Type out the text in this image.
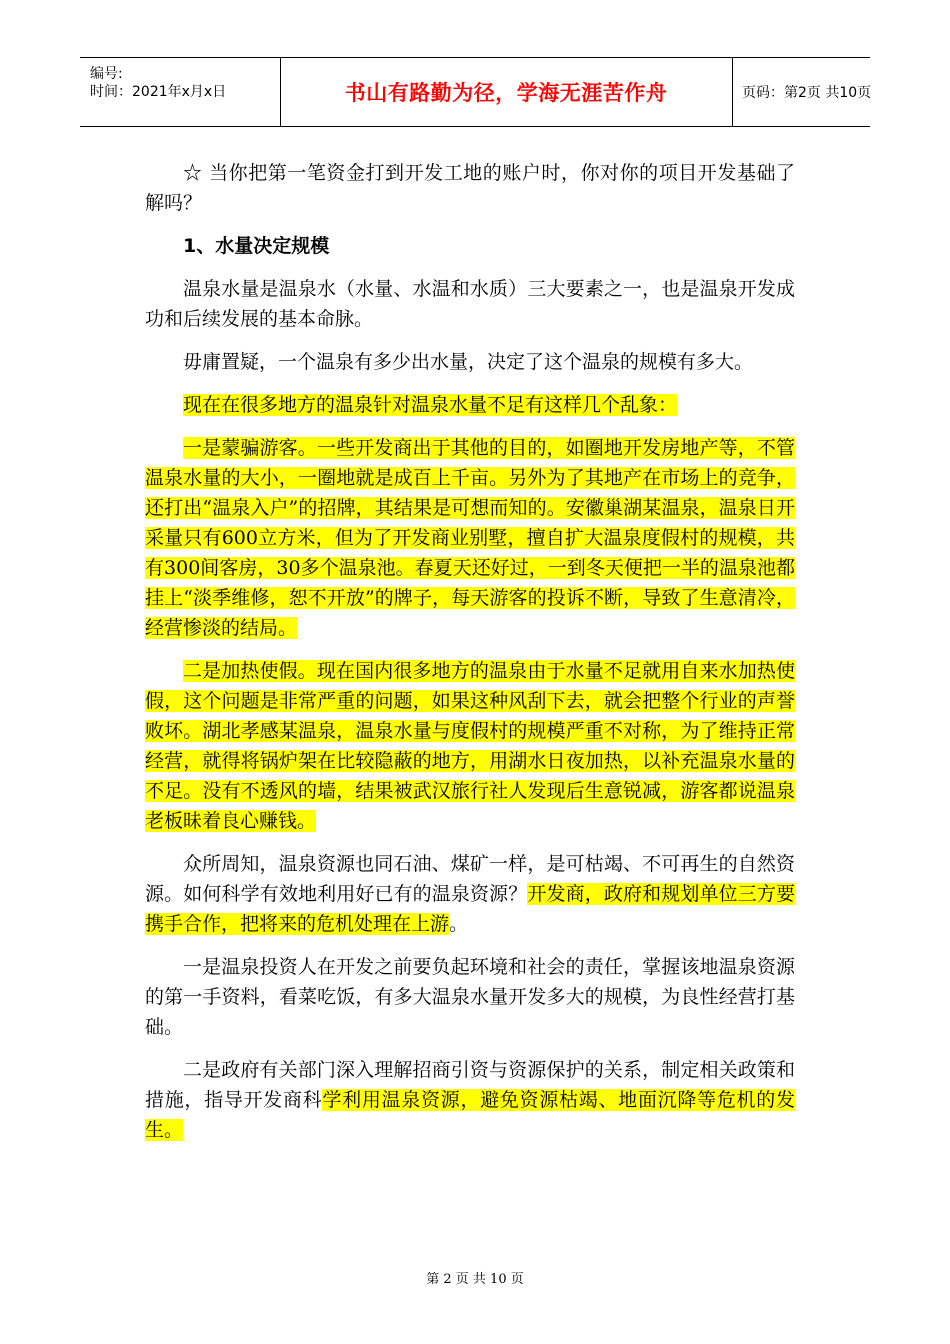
编号:
时间：2021年x月x日	书山有路勤为径，学海无涯苦作舟	页码：第2页 共10页

☆ 当你把第一笔资金打到开发工地的账户时，你对你的项目开发基础了解吗？

1、水量决定规模

温泉水量是温泉水（水量、水温和水质）三大要素之一，也是温泉开发成功和后续发展的基本命脉。

毋庸置疑，一个温泉有多少出水量，决定了这个温泉的规模有多大。

现在在很多地方的温泉针对温泉水量不足有这样几个乱象：

一是蒙骗游客。一些开发商出于其他的目的，如圈地开发房地产等，不管温泉水量的大小，一圈地就是成百上千亩。另外为了其地产在市场上的竞争，还打出“温泉入户”的招牌，其结果是可想而知的。安徽巢湖某温泉，温泉日开采量只有600立方米，但为了开发商业别墅，擅自扩大温泉度假村的规模，共有300间客房，30多个温泉池。春夏天还好过，一到冬天便把一半的温泉池都挂上“淡季维修，恕不开放”的牌子，每天游客的投诉不断，导致了生意清冷，经营惨淡的结局。

二是加热使假。现在国内很多地方的温泉由于水量不足就用自来水加热使假，这个问题是非常严重的问题，如果这种风刮下去，就会把整个行业的声誉败坏。湖北孝感某温泉，温泉水量与度假村的规模严重不对称，为了维持正常经营，就得将锅炉架在比较隐蔽的地方，用湖水日夜加热，以补充温泉水量的不足。没有不透风的墙，结果被武汉旅行社人发现后生意锐减，游客都说温泉老板昧着良心赚钱。

众所周知，温泉资源也同石油、煤矿一样，是可枯竭、不可再生的自然资源。如何科学有效地利用好已有的温泉资源？开发商，政府和规划单位三方要携手合作，把将来的危机处理在上游。

一是温泉投资人在开发之前要负起环境和社会的责任，掌握该地温泉资源的第一手资料，看菜吃饭，有多大温泉水量开发多大的规模，为良性经营打基础。

二是政府有关部门深入理解招商引资与资源保护的关系，制定相关政策和措施，指导开发商科学利用温泉资源，避免资源枯竭、地面沉降等危机的发生。

第 2 页 共 10 页
